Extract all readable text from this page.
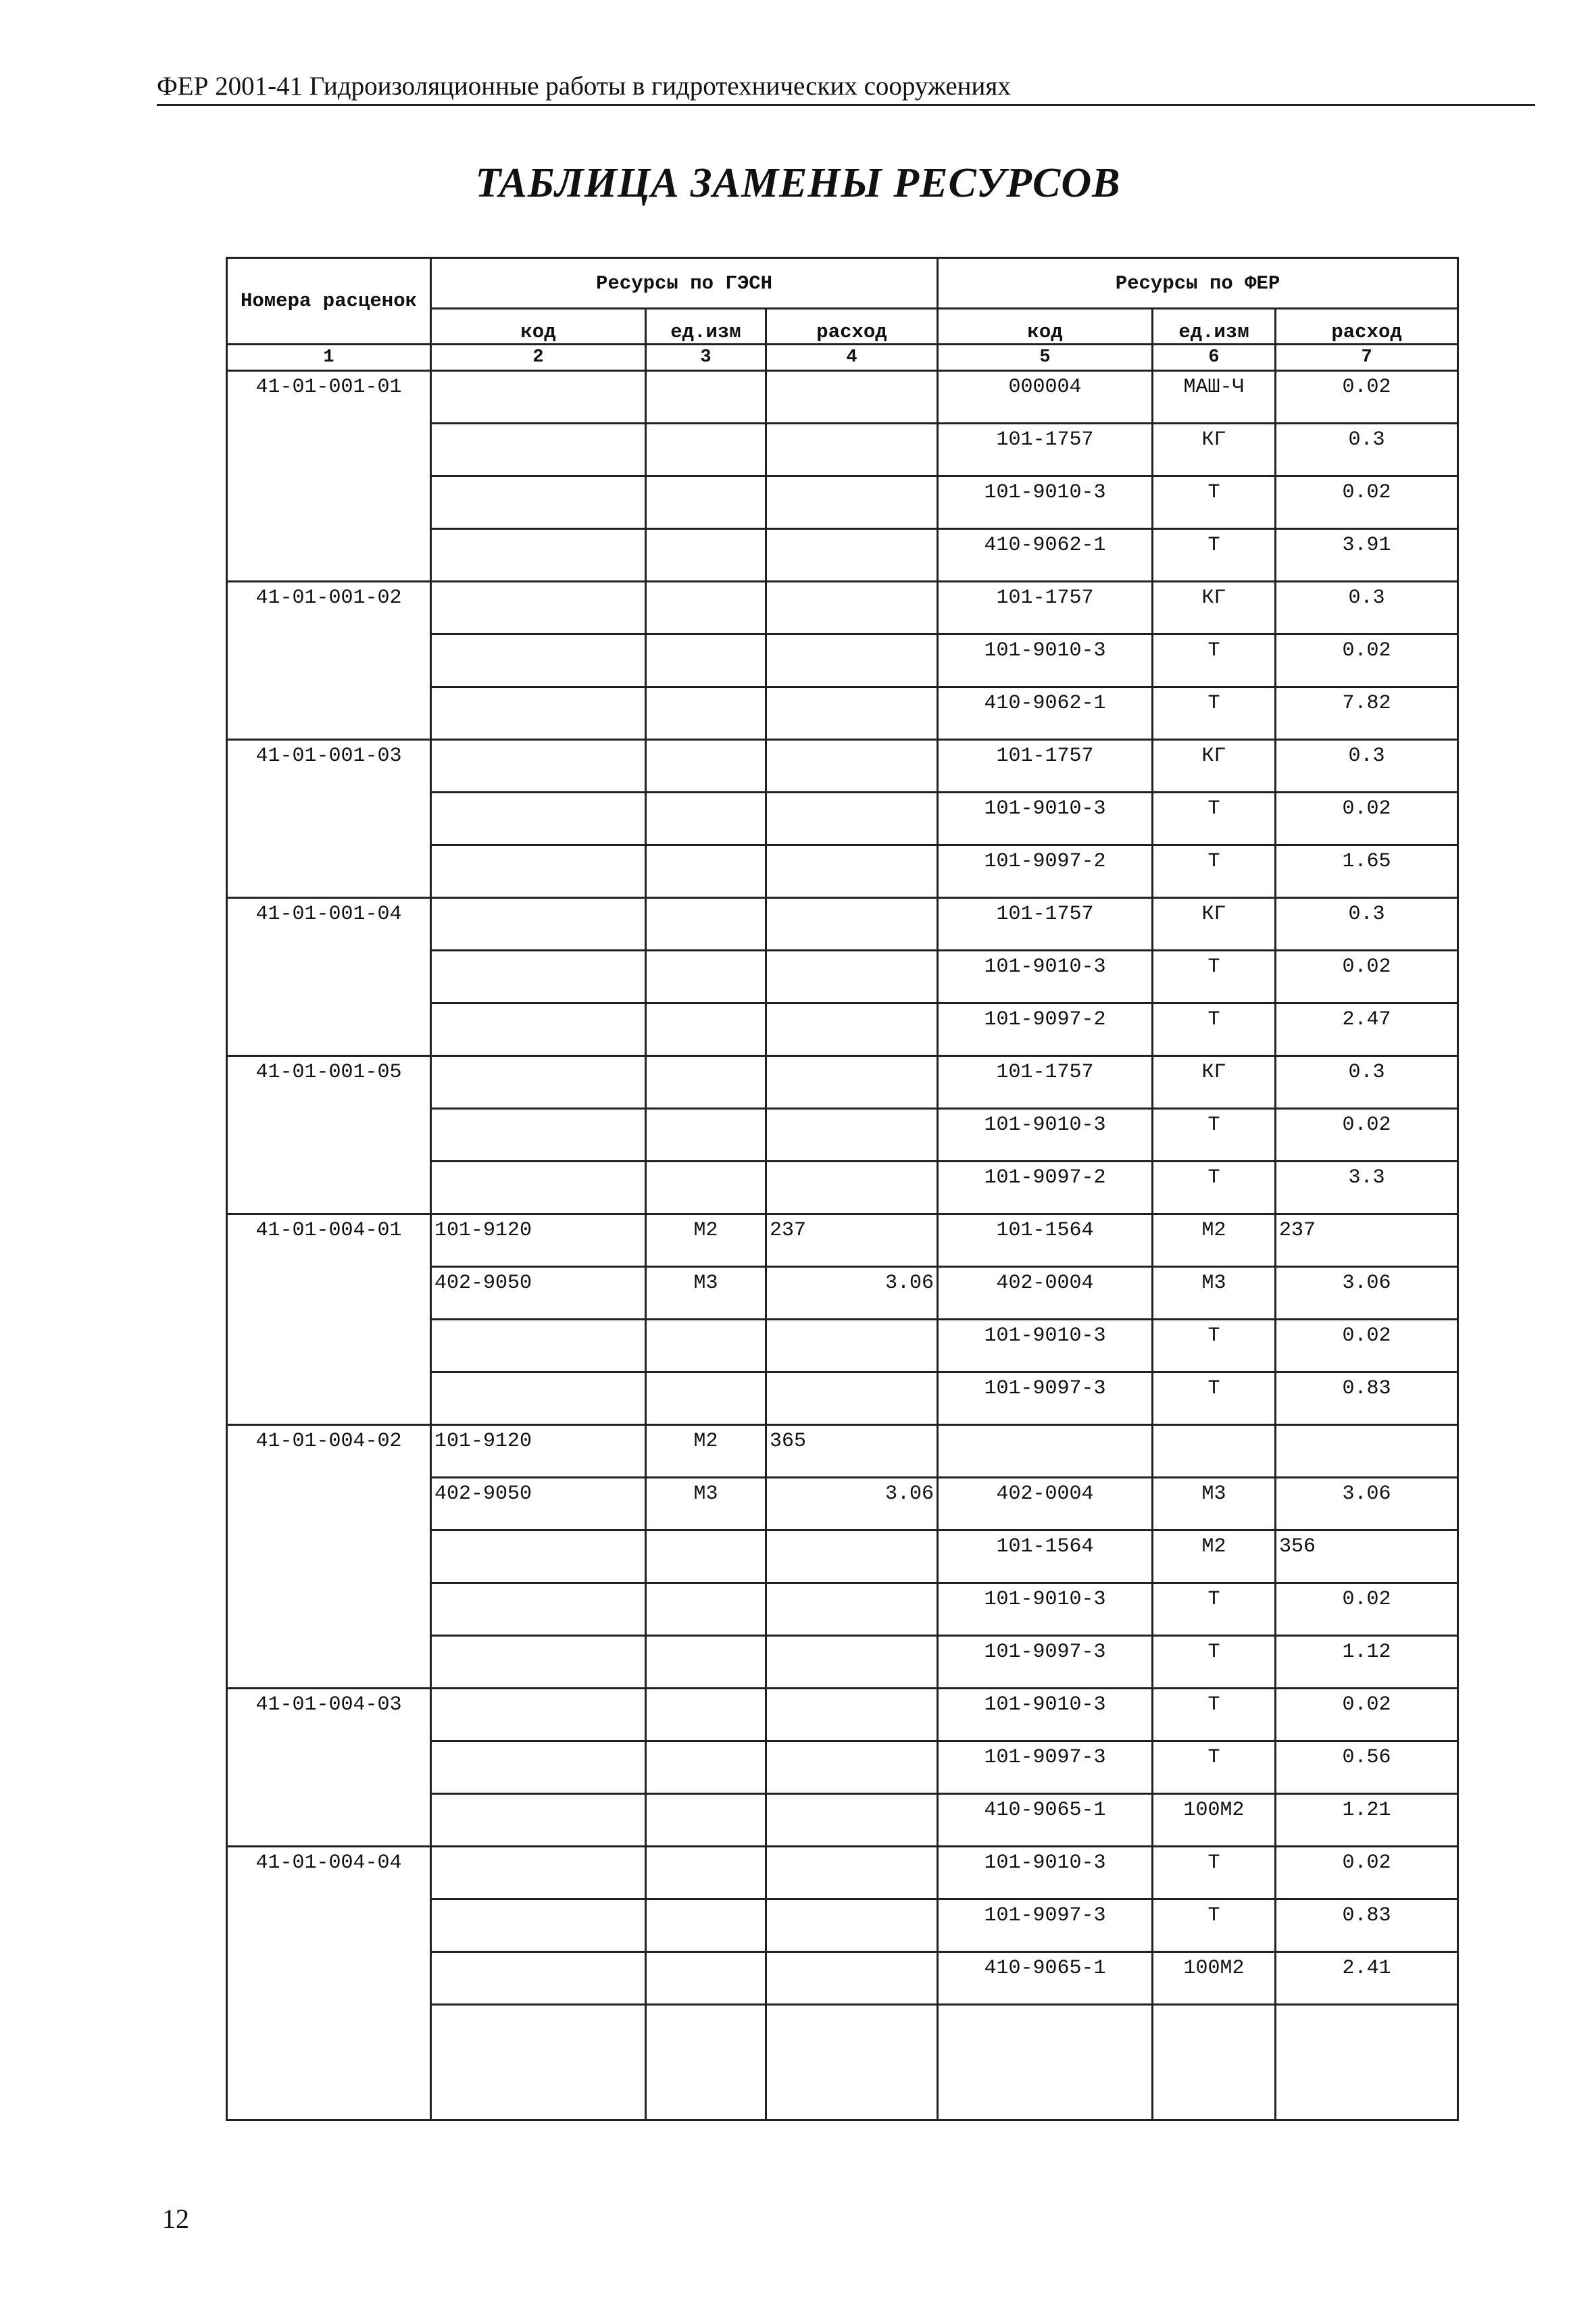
ФЕР 2001-41 Гидроизоляционные работы в гидротехнических сооружениях
ТАБЛИЦА ЗАМЕНЫ РЕСУРСОВ
Номера расценок	Ресурсы по ГЭСН			Ресурсы по ФЕР		
	код	ед.изм	расход	код	ед.изм	расход
1	2	3	4	5	6	7
41-01-001-01				000004	МАШ-Ч	0.02
				101-1757	КГ	0.3
				101-9010-3	Т	0.02
				410-9062-1	Т	3.91
41-01-001-02				101-1757	КГ	0.3
				101-9010-3	Т	0.02
				410-9062-1	Т	7.82
41-01-001-03				101-1757	КГ	0.3
				101-9010-3	Т	0.02
				101-9097-2	Т	1.65
41-01-001-04				101-1757	КГ	0.3
				101-9010-3	Т	0.02
				101-9097-2	Т	2.47
41-01-001-05				101-1757	КГ	0.3
				101-9010-3	Т	0.02
				101-9097-2	Т	3.3
41-01-004-01	101-9120	М2	237	101-1564	М2	237
	402-9050	М3	3.06	402-0004	М3	3.06
				101-9010-3	Т	0.02
				101-9097-3	Т	0.83
41-01-004-02	101-9120	М2	365			
	402-9050	М3	3.06	402-0004	М3	3.06
				101-1564	М2	356
				101-9010-3	Т	0.02
				101-9097-3	Т	1.12
41-01-004-03				101-9010-3	Т	0.02
				101-9097-3	Т	0.56
				410-9065-1	100М2	1.21
41-01-004-04				101-9010-3	Т	0.02
				101-9097-3	Т	0.83
				410-9065-1	100М2	2.41

12
